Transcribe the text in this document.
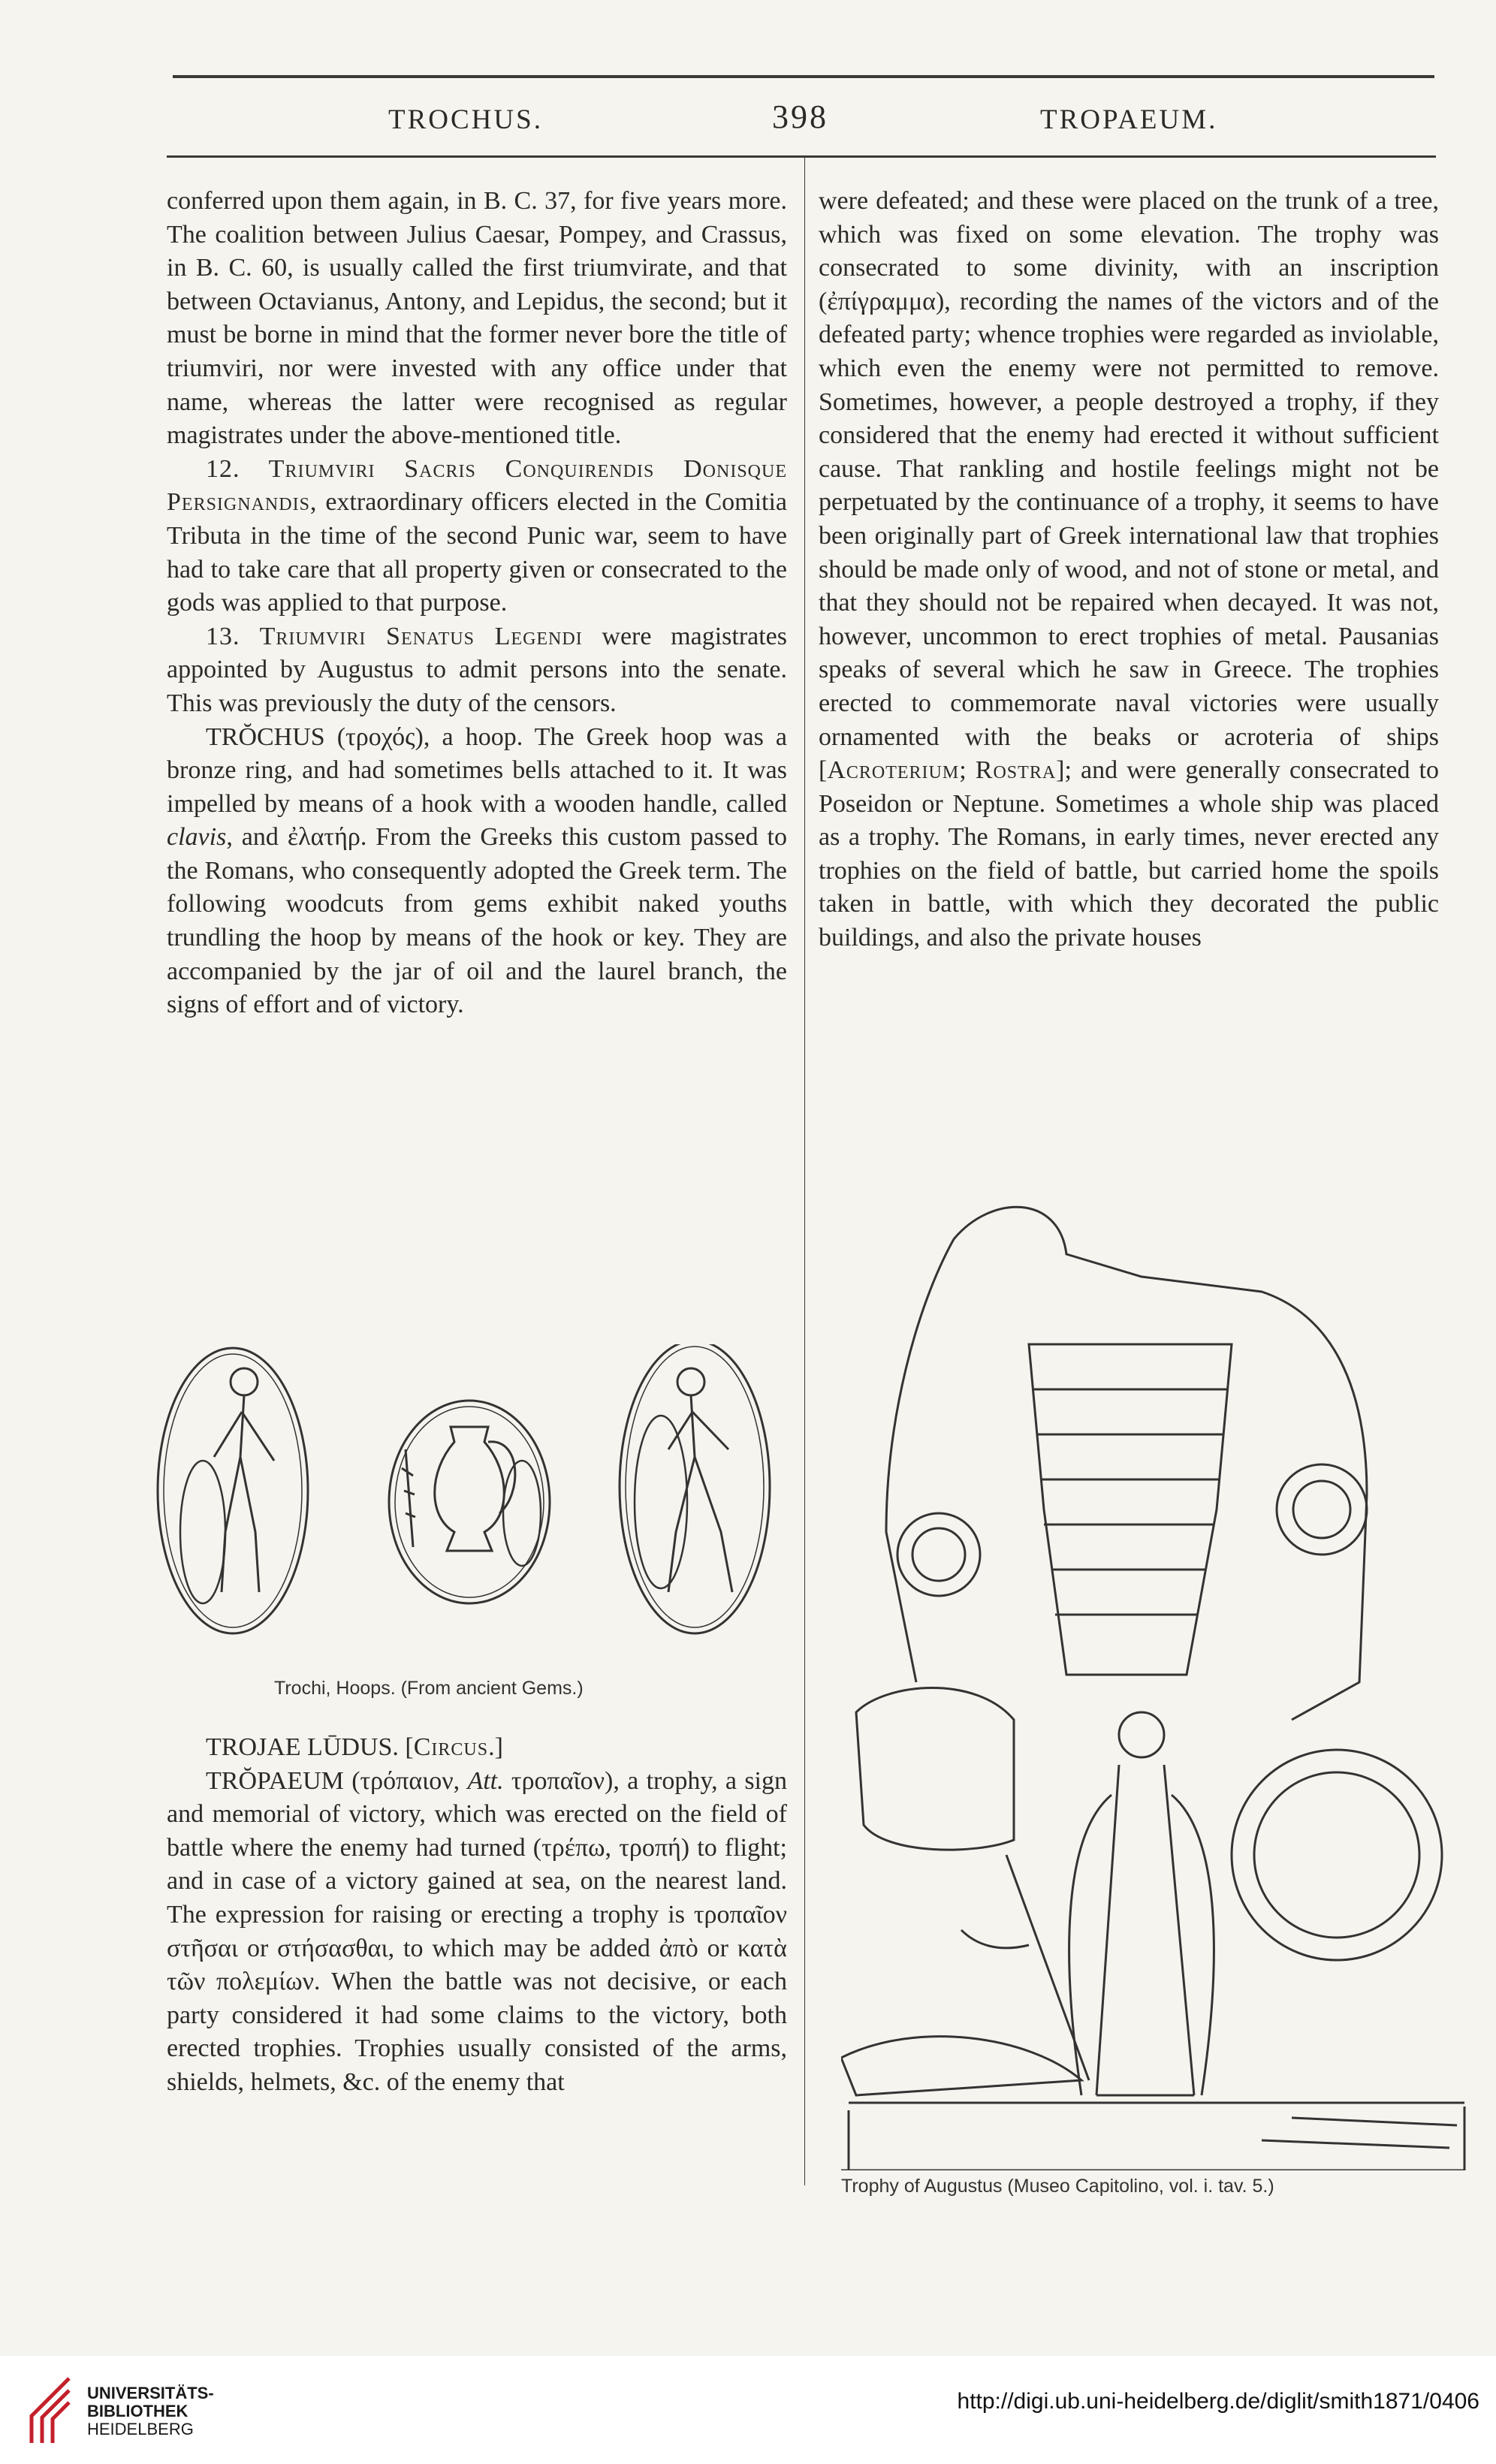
TROCHUS.	398	TROPAEUM.

conferred upon them again, in B. C. 37, for five years more. The coalition between Julius Caesar, Pompey, and Crassus, in B. C. 60, is usually called the first triumvirate, and that between Octavianus, Antony, and Lepidus, the second; but it must be borne in mind that the former never bore the title of triumviri, nor were invested with any office under that name, whereas the latter were recognised as regular magistrates under the above-mentioned title.

12. Triumviri Sacris Conquirendis Donisque Persignandis, extraordinary officers elected in the Comitia Tributa in the time of the second Punic war, seem to have had to take care that all property given or consecrated to the gods was applied to that purpose.

13. Triumviri Senatus Legendi were magistrates appointed by Augustus to admit persons into the senate. This was previously the duty of the censors.

TRŎCHUS (τροχός), a hoop. The Greek hoop was a bronze ring, and had sometimes bells attached to it. It was impelled by means of a hook with a wooden handle, called clavis, and ἐλατήρ. From the Greeks this custom passed to the Romans, who consequently adopted the Greek term. The following woodcuts from gems exhibit naked youths trundling the hoop by means of the hook or key. They are accompanied by the jar of oil and the laurel branch, the signs of effort and of victory.

Trochi, Hoops. (From ancient Gems.)

TROJAE LŪDUS. [Circus.]

TRŎPAEUM (τρόπαιον, Att. τροπαῖον), a trophy, a sign and memorial of victory, which was erected on the field of battle where the enemy had turned (τρέπω, τροπή) to flight; and in case of a victory gained at sea, on the nearest land. The expression for raising or erecting a trophy is τροπαῖον στῆσαι or στήσασθαι, to which may be added ἀπὸ or κατὰ τῶν πολεμίων. When the battle was not decisive, or each party considered it had some claims to the victory, both erected trophies. Trophies usually consisted of the arms, shields, helmets, &c. of the enemy that

were defeated; and these were placed on the trunk of a tree, which was fixed on some elevation. The trophy was consecrated to some divinity, with an inscription (ἐπίγραμμα), recording the names of the victors and of the defeated party; whence trophies were regarded as inviolable, which even the enemy were not permitted to remove. Sometimes, however, a people destroyed a trophy, if they considered that the enemy had erected it without sufficient cause. That rankling and hostile feelings might not be perpetuated by the continuance of a trophy, it seems to have been originally part of Greek international law that trophies should be made only of wood, and not of stone or metal, and that they should not be repaired when decayed. It was not, however, uncommon to erect trophies of metal. Pausanias speaks of several which he saw in Greece. The trophies erected to commemorate naval victories were usually ornamented with the beaks or acroteria of ships [Acroterium; Rostra]; and were generally consecrated to Poseidon or Neptune. Sometimes a whole ship was placed as a trophy. The Romans, in early times, never erected any trophies on the field of battle, but carried home the spoils taken in battle, with which they decorated the public buildings, and also the private houses

Trophy of Augustus (Museo Capitolino, vol. i. tav. 5.)
UNIVERSITÄTS-
BIBLIOTHEK
HEIDELBERG
http://digi.ub.uni-heidelberg.de/diglit/smith1871/0406
